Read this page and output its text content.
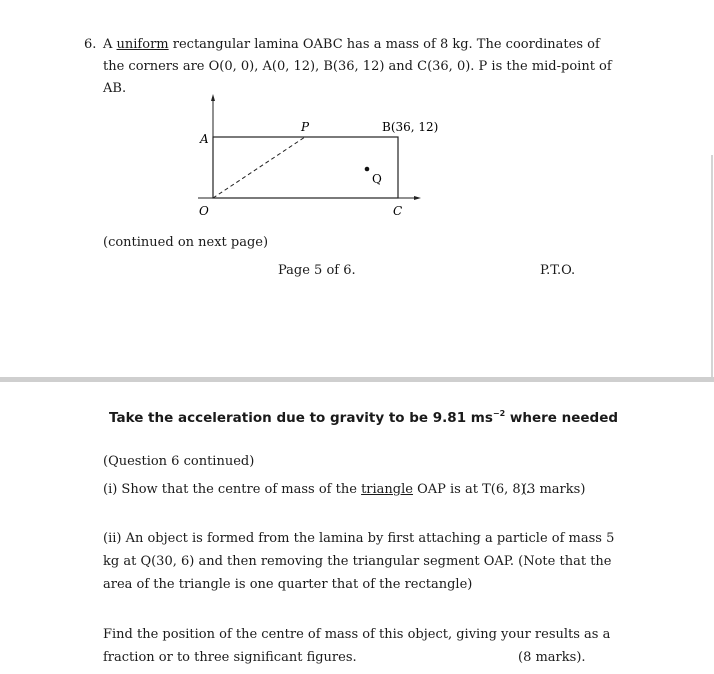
6. A uniform rectangular lamina OABC has a mass of 8 kg. The coordinates of
the corners are O(0, 0), A(0, 12), B(36, 12) and C(36, 0). P is the mid-point of
AB.
A
P	B(36, 12)
Q
O	C
(continued on next page)
Page 5 of 6.	P.T.O.
Take the acceleration due to gravity to be 9.81 $ms^{-2}$ where needed
(Question 6 continued)
(i) Show that the centre of mass of the triangle OAP is at T(6, 8).
(3 marks)
(ii) An object is formed from the lamina by first attaching a particle of mass 5
kg at Q(30, 6) and then removing the triangular segment OAP. (Note that the
area of the triangle is one quarter that of the rectangle)
Find the position of the centre of mass of this object, giving your results as a
fraction or to three significant figures.	(8 marks).
